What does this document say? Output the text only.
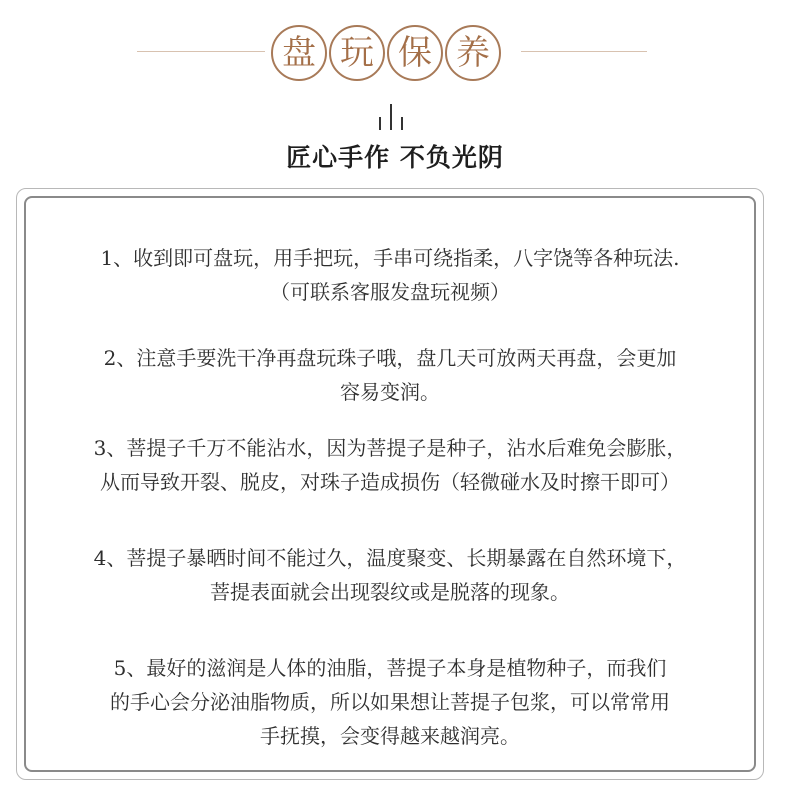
盘 玩 保 养
匠心手作 不负光阴
1、收到即可盘玩，用手把玩，手串可绕指柔，八字饶等各种玩法.
（可联系客服发盘玩视频）
2、注意手要洗干净再盘玩珠子哦，盘几天可放两天再盘，会更加
容易变润。
3、菩提子千万不能沾水，因为菩提子是种子，沾水后难免会膨胀，
从而导致开裂、脱皮，对珠子造成损伤（轻微碰水及时擦干即可）
4、菩提子暴晒时间不能过久，温度聚变、长期暴露在自然环境下，
菩提表面就会出现裂纹或是脱落的现象。
5、最好的滋润是人体的油脂，菩提子本身是植物种子，而我们
的手心会分泌油脂物质，所以如果想让菩提子包浆，可以常常用
手抚摸，会变得越来越润亮。
